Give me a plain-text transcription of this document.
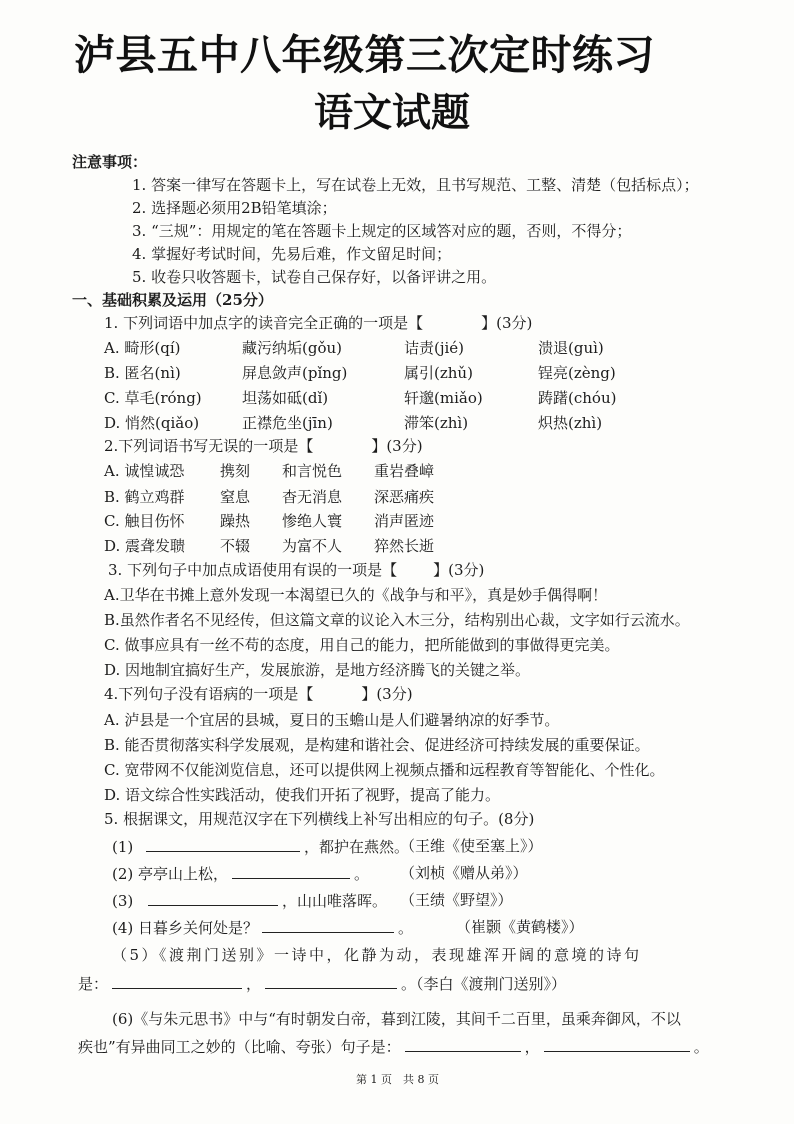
泸县五中八年级第三次定时练习
语文试题
注意事项：
1. 答案一律写在答题卡上，写在试卷上无效，且书写规范、工整、清楚（包括标点）；
2. 选择题必须用2B铅笔填涂；
3. “三规”：用规定的笔在答题卡上规定的区域答对应的题，否则，不得分；
4. 掌握好考试时间，先易后难，作文留足时间；
5. 收卷只收答题卡，试卷自己保存好，以备评讲之用。
一、基础积累及运用（25分）
1. 下列词语中加点字的读音完全正确的一项是【	】(3分)
A. 畸形(qí)	藏污纳垢(gǒu)	诘责(jié)	溃退(guì)
B. 匿名(nì)	屏息敛声(pǐng)	属引(zhǔ)	锃亮(zèng)
C. 草毛(róng)	坦荡如砥(dǐ)	轩邈(miǎo)	踌躇(chóu)
D. 悄然(qiǎo)	正襟危坐(jīn)	滞笨(zhì)	炽热(zhì)
2.下列词语书写无误的一项是【	】(3分)
A. 诚惶诚恐 携刻 和言悦色 重岩叠嶂
B. 鹤立鸡群 窒息 杳无消息 深恶痛疾
C. 触目伤怀 躁热 惨绝人寰 消声匿迹
D. 震聋发聩 不辍 为富不人 猝然长逝
3. 下列句子中加点成语使用有误的一项是【 】(3分)
A.卫华在书摊上意外发现一本渴望已久的《战争与和平》，真是妙手偶得啊！
B.虽然作者名不见经传，但这篇文章的议论入木三分，结构别出心裁，文字如行云流水。
C. 做事应具有一丝不苟的态度，用自己的能力，把所能做到的事做得更完美。
D. 因地制宜搞好生产，发展旅游，是地方经济腾飞的关键之举。
4.下列句子没有语病的一项是【	】(3分)
A. 泸县是一个宜居的县城，夏日的玉蟾山是人们避暑纳凉的好季节。
B. 能否贯彻落实科学发展观，是构建和谐社会、促进经济可持续发展的重要保证。
C. 宽带网不仅能浏览信息，还可以提供网上视频点播和远程教育等智能化、个性化。
D. 语文综合性实践活动，使我们开拓了视野，提高了能力。
5. 根据课文，用规范汉字在下列横线上补写出相应的句子。(8分)
(1)	，都护在燕然。
（王维《使至塞上》）
(2) 亭亭山上松，	。 （刘桢《赠从弟》）
(3)	，山山唯落晖。 （王绩《野望》）
(4) 日暮乡关何处是？	。	（崔颢《黄鹤楼》）
（5）《渡荆门送别》一诗中，化静为动，表现雄浑开阔的意境的诗句
是：	，	。（李白《渡荆门送别》）
(6)《与朱元思书》中与“有时朝发白帝，暮到江陵，其间千二百里，虽乘奔御风，不以
疾也”有异曲同工之妙的（比喻、夸张）句子是：	，	。
第 1 页　共 8 页
